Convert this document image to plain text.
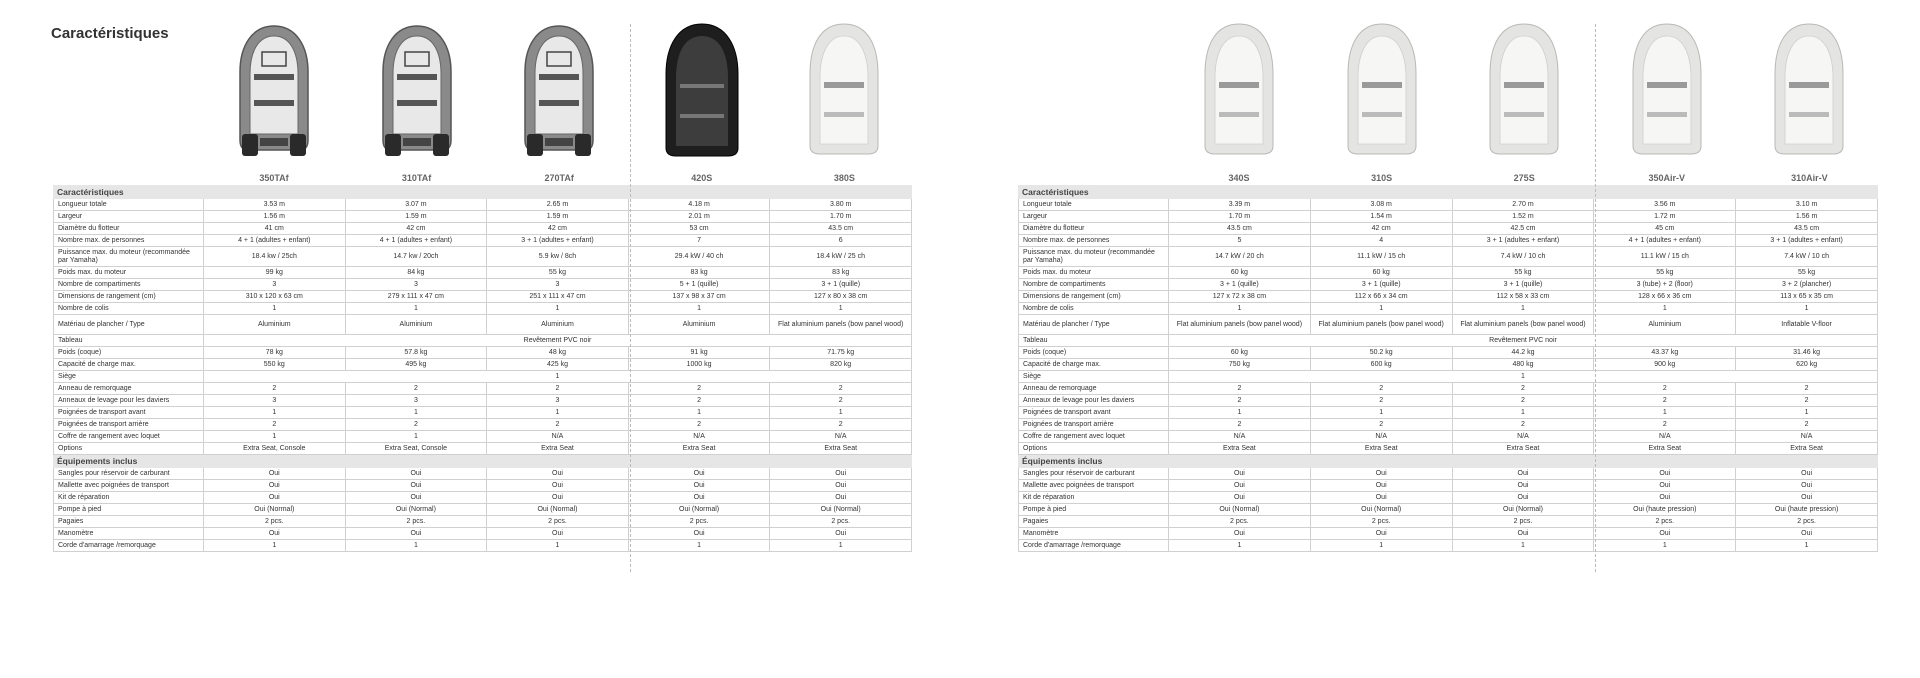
Caractéristiques
350TAf	310TAf	270TAf	420S	380S
Caractéristiques					
Longueur totale	3.53 m	3.07 m	2.65 m	4.18 m	3.80 m
Largeur	1.56 m	1.59 m	1.59 m	2.01 m	1.70 m
Diamètre du flotteur	41 cm	42 cm	42 cm	53 cm	43.5 cm
Nombre max. de personnes	4 + 1 (adultes + enfant)	4 + 1 (adultes + enfant)	3 + 1 (adultes + enfant)	7	6
Puissance max. du moteur (recommandée par Yamaha)	18.4 kw / 25ch	14.7 kw / 20ch	5.9 kw / 8ch	29.4 kW / 40 ch	18.4 kW / 25 ch
Poids max. du moteur	99 kg	84 kg	55 kg	83 kg	83 kg
Nombre de compartiments	3	3	3	5 + 1 (quille)	3 + 1 (quille)
Dimensions de rangement (cm)	310 x 120 x 63 cm	279 x 111 x 47 cm	251 x 111 x 47 cm	137 x 98 x 37 cm	127 x 80 x 38 cm
Nombre de colis	1	1	1	1	1
Matériau de plancher / Type	Aluminium	Aluminium	Aluminium	Aluminium	Flat aluminium panels (bow panel wood)
Tableau	Revêtement PVC noir				
Poids (coque)	78 kg	57.8 kg	48 kg	91 kg	71.75 kg
Capacité de charge max.	550 kg	495 kg	425 kg	1000 kg	820 kg
Siège	1				
Anneau de remorquage	2	2	2	2	2
Anneaux de levage pour les daviers	3	3	3	2	2
Poignées de transport avant	1	1	1	1	1
Poignées de transport arrière	2	2	2	2	2
Coffre de rangement avec loquet	1	1	N/A	N/A	N/A
Options	Extra Seat, Console	Extra Seat, Console	Extra Seat	Extra Seat	Extra Seat
Équipements inclus					
Sangles pour réservoir de carburant	Oui	Oui	Oui	Oui	Oui
Mallette avec poignées de transport	Oui	Oui	Oui	Oui	Oui
Kit de réparation	Oui	Oui	Oui	Oui	Oui
Pompe à pied	Oui (Normal)	Oui (Normal)	Oui (Normal)	Oui (Normal)	Oui (Normal)
Pagaies	2 pcs.	2 pcs.	2 pcs.	2 pcs.	2 pcs.
Manomètre	Oui	Oui	Oui	Oui	Oui
Corde d'amarrage /remorquage	1	1	1	1	1
340S	310S	275S	350Air-V	310Air-V
Caractéristiques					
Longueur totale	3.39 m	3.08 m	2.70 m	3.56 m	3.10 m
Largeur	1.70 m	1.54 m	1.52 m	1.72 m	1.56 m
Diamètre du flotteur	43.5 cm	42 cm	42.5 cm	45 cm	43.5 cm
Nombre max. de personnes	5	4	3 + 1 (adultes + enfant)	4 + 1 (adultes + enfant)	3 + 1 (adultes + enfant)
Puissance max. du moteur (recommandée par Yamaha)	14.7 kW / 20 ch	11.1 kW / 15 ch	7.4 kW / 10 ch	11.1 kW / 15 ch	7.4 kW / 10 ch
Poids max. du moteur	60 kg	60 kg	55 kg	55 kg	55 kg
Nombre de compartiments	3 + 1 (quille)	3 + 1 (quille)	3 + 1 (quille)	3 (tube) + 2 (floor)	3 + 2 (plancher)
Dimensions de rangement (cm)	127 x 72 x 38 cm	112 x 66 x 34 cm	112 x 58 x 33 cm	128 x 66 x 36 cm	113 x 65 x 35 cm
Nombre de colis	1	1	1	1	1
Matériau de plancher / Type	Flat aluminium panels (bow panel wood)	Flat aluminium panels (bow panel wood)	Flat aluminium panels (bow panel wood)	Aluminium	Inflatable V-floor
Tableau	Revêtement PVC noir				
Poids (coque)	60 kg	50.2 kg	44.2 kg	43.37 kg	31.46 kg
Capacité de charge max.	750 kg	600 kg	480 kg	900 kg	620 kg
Siège	1				
Anneau de remorquage	2	2	2	2	2
Anneaux de levage pour les daviers	2	2	2	2	2
Poignées de transport avant	1	1	1	1	1
Poignées de transport arrière	2	2	2	2	2
Coffre de rangement avec loquet	N/A	N/A	N/A	N/A	N/A
Options	Extra Seat	Extra Seat	Extra Seat	Extra Seat	Extra Seat
Équipements inclus					
Sangles pour réservoir de carburant	Oui	Oui	Oui	Oui	Oui
Mallette avec poignées de transport	Oui	Oui	Oui	Oui	Oui
Kit de réparation	Oui	Oui	Oui	Oui	Oui
Pompe à pied	Oui (Normal)	Oui (Normal)	Oui (Normal)	Oui (haute pression)	Oui (haute pression)
Pagaies	2 pcs.	2 pcs.	2 pcs.	2 pcs.	2 pcs.
Manomètre	Oui	Oui	Oui	Oui	Oui
Corde d'amarrage /remorquage	1	1	1	1	1
